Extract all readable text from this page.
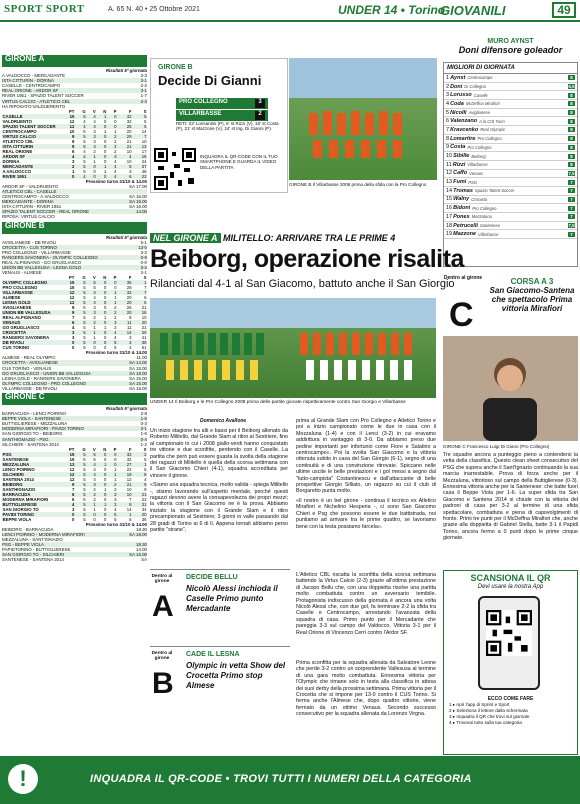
SPORT SPORT	A. 65 N. 40 • 25 Ottobre 2021	UNDER 14 • Torino
GIOVANILI	49
GIRONE A
Risultati 5ª giornata
A.VALDOCCO - MERCADANTE	3-3
ISTA CITTURIN - DORINA	3-1
CASELLE - CENTROCAMPO	2-2
REAL ORIONE - ARDOR SF	3-1
RIVER 1951 - SPAZIO TALENT SOCCER	1-7
VIRTUS CALCIO - ATLETICO CBL	2-3
HA RIPOSATO:VALDUERENTO
	PT	G	V	N	P	F	S
CASELLE	15	5	4	1	0	42	5
VALDRUENTO	12	4	4	0	0	32	5
SPAZIO TALENT SOCCER	12	4	4	0	0	25	5
CENTROCAMPO	10	5	3	1	1	20	14
VIRTUS CALCIO	9	5	3	0	2	29	7
ATLETICO CBL	9	5	3	0	2	21	10
ISTA CITTURIN	9	5	3	0	2	21	13
REAL ORIONE	6	4	2	0	2	10	17
ARDOR SF	4	4	1	0	3	4	16
DORINA	3	5	1	0	4	10	24
MERCADANTE	2	5	0	1	4	5	37
A.VALDOCCO	1	5	0	1	4	3	48
RIVER 1951	0	4	0	0	4	6	23
Prossimo turno 31/10 & 14.00
ARDOR SF - VALDRUENTO	SA 17.00
ATLETICO CBL - CASELLE
CENTROCAMPO - A.VALDOCCO	SA 16.00
MERCADANTE - DORINA	SA 15.00
ISTA CITTURIN - RIVER 1951	SA 16.00
SPAZIO TALENT SOCCER - REAL ORIONE	14.00
RIPOSA: VIRTUS CALCIO
GIRONE B
Risultati 5ª giornata
AVIGLIANESE - DB RIVOLI	5-1
CROCETTA - CUS TORINO	13-0
PRO COLLEGNO - VILLARBASSE	3-2
RANGERS SAVONERA - OLYMPIC COLLEGNO	0-9
REAL ALPIGNANO - GO GRUGLIASCO	0-0
UNION BB VALLESUSA - LESNA GOLD	3-2
VENAUS - ALMESE	2-1
	PT	G	V	N	P	F	S
OLYMPIC COLLEGNO	15	5	5	0	0	35	1
PRO COLLEGNO	15	5	5	0	0	28	7
VILLARBASSE	12	5	4	0	1	32	7
ALMESE	12	5	4	0	1	20	6
LESNA GOLD	12	5	4	0	1	20	6
AVIGLIANESE	9	5	3	0	2	26	21
UNION BB VALLESUSA	9	5	3	0	2	20	16
REAL ALPIGNANO	7	5	2	1	2	8	10
VENAUS	6	5	2	0	3	11	20
GO GRUGLIASCO	4	5	1	1	3	11	21
CROCETTA	3	5	1	0	4	14	20
RANGERS SAVONERA	3	5	1	0	4	3	41
DB RIVOLI	0	5	0	0	5	4	38
CUS TORINO	0	5	0	0	5	4	51
Prossimo turno 31/10 & 14.00
ALMESE - REAL OLYMPIC	11.00
CROCETTA - AVIGLIANESE	SA 14.00
CUS TORINO - VENAUS	SA 15.00
GO GRUGLIASCO - UNION BB VALLESUSA	SA 18.00
LESNA GOLD - RANGERS SAVONERA	SA 15.00
OLYMPIC COLLEGNO - PRO COLLEGNO	SA 15.00
VILLARBASSE - DB RIVOLI	SA 15.00
GIRONE C
Risultati 5ª giornata
BARRACUDA - LENCI POIRINO	2-8
BEPPE VIOLA - SANTENESE	1-6
BUTTIGLIERESE - MEZZALUNA	0-3
MODERNA MIRAFIORI - PAVIDI TORINO	3-1
SAN GIORGIO TO - BEIBORG	1-6
SANTHIGMAZIO - PSG	0-4
SILCHIERI - SANTENA 2014	1-2
	PT	G	V	N	P	F	S
PSG	15	5	5	0	0	32	2
SANTENESE	15	5	5	0	0	32	5
MEZZALUNA	13	5	4	1	0	27	1
LENCI POIRINO	12	5	4	0	1	22	5
SILCHIERI	12	5	4	0	1	19	8
SANTENA 2014	12	5	4	0	1	12	4
BEIBORG	9	5	3	0	2	21	9
SANTHIGNAZIO	7	5	2	1	2	10	9
BARRACUDA	6	5	2	0	3	10	21
MODERNA MIRAFIORI	6	5	2	0	3	7	23
BUTTIGLIERESE	4	5	1	1	3	8	31
SAN GIORGIO TO	3	5	1	0	4	14	34
PAVIDI TORINO	0	5	0	0	5	1	20
BEPPE VIOLA	0	5	0	0	5	6	36
Prossimo turno 31/10 & 14.00
BEIBORG - BARRACUDA	18.30
LENCI POIRINO - MODERNA MIRAFIORI	SA 18.00
MEZZALUNA - SANT'IGNAZIO
PSG - BEPPE VIOLA	18.30
PAPIDTORINO - BUTTIGLIERESE	14.00
SAN GIORGIO TO - SILCHIERI	SA 15.00
SANTENESE - SANTENA 2014	SA
GIRONE B
Decide Di Gianni
PRO COLLEGNO	3
VILLARBASSE	2
RETI: 23' Lorisantini (P), 6' st Rizzi (V), 18' st Costa (P), 21' st Mazzone (V), 24' st Ing. Di Gianni (P).
INQUADRA IL QR-CODE CON IL TUO SMARTPHONE E GUARDA IL VIDEO DELLA PARTITA
GIRONE B Il Villarbasse 2008 prima della sfida con la Pro Collegno
MURO AYNST
Doni difensore goleador
MIGLIORI DI GIORNATA
1 Aynst Centrocampo	8
2 Doni Di Collegno	6,5
3 Lorusso Caselle	8
4 Coda McDeffna Mirafiori	8
5 Nicolli Aviglianese	8
6 Valenzano A la CIS Turin	8
7 Kravcenko Real Olympic	8
8 Lomartire Pro Collegno	8
9 Costa Pro Collegno	8
10 Sibille Beiborg	8
11 Rizzi Villarbasse	8
12 Caffo Venaus	7,5
13 Fumi PSG	7
14 Tromas Spazio Talent Soccer	7
15 Walny Crocetta	7
16 Bidoni Pro Collegno	7
17 Pones Mezzaluna	7
18 Petrucelli Santenese	7,5
19 Mazzone Villarbasse	7
NEL GIRONE A MILITELLO: ARRIVARE TRA LE PRIME 4
Beiborg, operazione risalita
Rilanciati dal 4-1 al San Giacomo, battuto anche il San Giorgio
UNDER 14 Il Beiborg e le Pro Collegno 2008 prima delle partite giocate rispettivamente contro San Giorgio e Villarbasse
Domenico Avallone

Un inizio stagione tra alti e bassi per il Beiborg allenato da Roberto Militello, dal Grande Slam al ritiro al Sestriere, fino al campionato in cui i 2008 giallo-verdi hanno conquistato tre vittorie e due sconfitte, perdendo con il Caselle. La partita che però può essere guasta la svolta della stagione dei ragazzi di Militello è quella della scorsa settimana con il San Giacomo Chieri (4-1), squadra accreditata per vincere il girone.

«Siamo una squadra tecnica, molto valida - spiega Militello -, stiamo lavorando sull'aspetto mentale, perché questi ragazzi devono avere la consapevolezza dei propri mezzi; la vittoria con il San Giacomo ne è la prova. Abbiamo iniziato la stagione con il Grande Slam e il ritiro precampionato al Sestriere; 3 giorni in valle passando dal 28 gradi di Torino ai 6 di lì. Appena tornati abbiamo perso partite "strane",

prima al Grande Slam con Pro Collegno e Atletico Torino e poi a inizio campionato come le due in casa con il Mezzaluna (1-4) e con il Lenci (3-2) in cui eravamo addirittura in vantaggio di 3-0. Da abbiamo preso due pedine importanti per infortunio come Fiore e Salatino a centrocampo». Poi la svolta San Giacomo e la vittoria ottenuta subito in casa del San Giorgio (6-1), segno di una continuità e di una convinzione ritrovate. Spiccano nelle ultime uscite le belle prestazioni e i gol messi a segno dal "tutto-campista" Costantinescu e dall'attaccante di belle prospettive Giorgio Silliato, un ragazzo su cui il club di Borgaretto punta molto.

«Il nostro è un bel girone - continua il tecnico ex Atletico Mirafiori e Nichelino Hesperia -, ci sono San Giacomo Chieri e Psg che possono essere le due battistrada, noi puntiamo ad arrivare tra le prime quattro, se lavoriamo bene con la testa possiamo farcela».

Dentro al girone
C
CORSA A 3
San Giacomo-Santena che spettacolo Prima vittoria Mirafiori
GIRONE C Francesco Luigi Di Giano (Pro Collegno)
Tre squadre ancora a punteggio pieno a contendersi la vetta della classifica. Questo clean sheet consecutivo del PSG che supera anche il Sant'Ignazio continuando la sua marcia inarrestabile. Prova di forza anche per il Mezzaluna, vittorioso sul campo della Buttiglierese (0-3). Ennesima vittoria anche per la Santenese: che batte fuori casa il Beppe Viola per 1-6. La super sfida tra San Giacomo e Santena 2014 si chiude con la vittoria del padroni di casa per 3-2 al termine di una sfida spettacolare, combattuta e piena di capovolgimenti di fronte. Primi tre punti per il McDeffna Mirafiori che, anche grazie alla doppietta di Gabriel Stella, batte 3-1 il Papidi Torino, ancora fermo a 0 punti dopo le prime cinque giornate.
Dentro al girone
A
DECIDE BELLU
Nicolò Alessi inchioda il Caselle Primo punto Mercadante
Dentro al girone
B
CADE IL LESNA
Olympic in vetta Show del Crocetta Primo stop Almese
L'Atletico CBL riscatta la sconfitta della scorsa settimana battendo la Virtus Calcio (2-3) grazie all'ottima prestazione di Jacopo Bellu che, con una doppietta risolve una partita molto combattuta contro un avversario temibile. Protagonista indiscusso della giornata è ancora una volta Nicolò Alessi che, con due gol, fa terminare 2-2 la sfida tra Caselle e Centrocampo, arrestando l'avanzata della squadra di casa. Primo punto per il Mercadante che pareggia 3-3 sul campo del Valdocco. Vittoria 3-1 per il Real Orione di Vincenzo Cerri contro l'Ardor SF.
Prima sconfitta per la squadra allenata da Salvatore Leone che perde 3-2 contro un sorprendente Vallesusa al termine di una gara molto combattuta. Ennesima vittoria per l'Olympic che rimane solo in testa alla classifica in attesa dei suoi derby della prossima settimana. Prima vittoria per il Crocetta che si impone per 13-0 contro il CUS Torino. Si ferma anche l'Almese che, dopo quattro vittorie, viene fermato da un ottimo Venaus. Secondo successo consecutivo per la squadra allenata da Lorenzo Virgna.
SCANSIONA IL QR
Devi usare la nostra App
ECCO COME FARE
1 ▸ Apri l'app di Sprint e Sport
2 ▸ Seleziona il lettore dalla schermata
3 ▸ Inquadra il QR che trovi sul giornale
4 ▸ Troverai tutto sulla tua categoria
!	INQUADRA IL QR-CODE • TROVI TUTTI I NUMERI DELLA CATEGORIA
